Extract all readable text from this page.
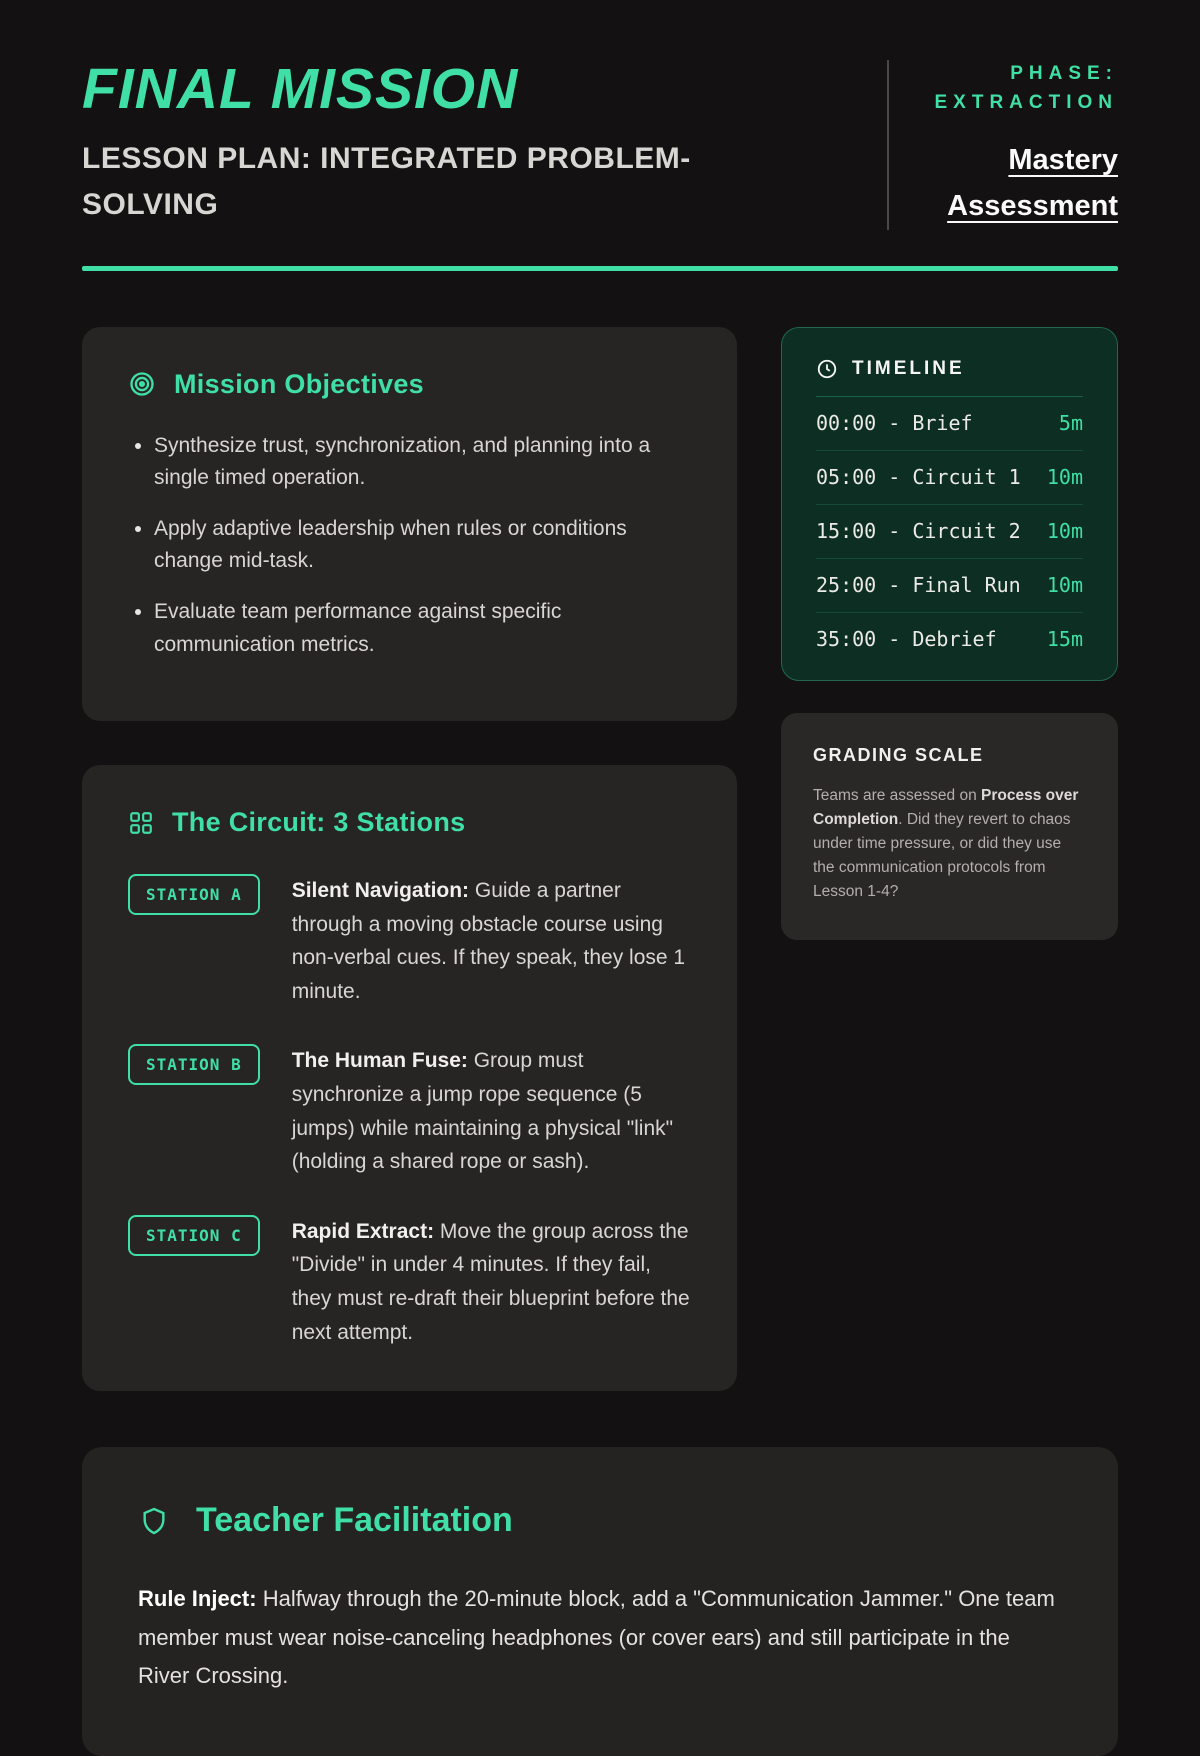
FINAL MISSION
LESSON PLAN: INTEGRATED PROBLEM-SOLVING
PHASE:
EXTRACTION
Mastery
Assessment
Mission Objectives
• Synthesize trust, synchronization, and planning into a single timed operation.
• Apply adaptive leadership when rules or conditions change mid-task.
• Evaluate team performance against specific communication metrics.
The Circuit: 3 Stations
STATION A	Silent Navigation: Guide a partner through a moving obstacle course using non-verbal cues. If they speak, they lose 1 minute.
STATION B	The Human Fuse: Group must synchronize a jump rope sequence (5 jumps) while maintaining a physical "link" (holding a shared rope or sash).
STATION C	Rapid Extract: Move the group across the "Divide" in under 4 minutes. If they fail, they must re-draft their blueprint before the next attempt.
TIMELINE
00:00 - Brief	5m
05:00 - Circuit 1	10m
15:00 - Circuit 2	10m
25:00 - Final Run	10m
35:00 - Debrief	15m
GRADING SCALE
Teams are assessed on Process over Completion. Did they revert to chaos under time pressure, or did they use the communication protocols from Lesson 1-4?
Teacher Facilitation
Rule Inject: Halfway through the 20-minute block, add a "Communication Jammer." One team member must wear noise-canceling headphones (or cover ears) and still participate in the River Crossing.
